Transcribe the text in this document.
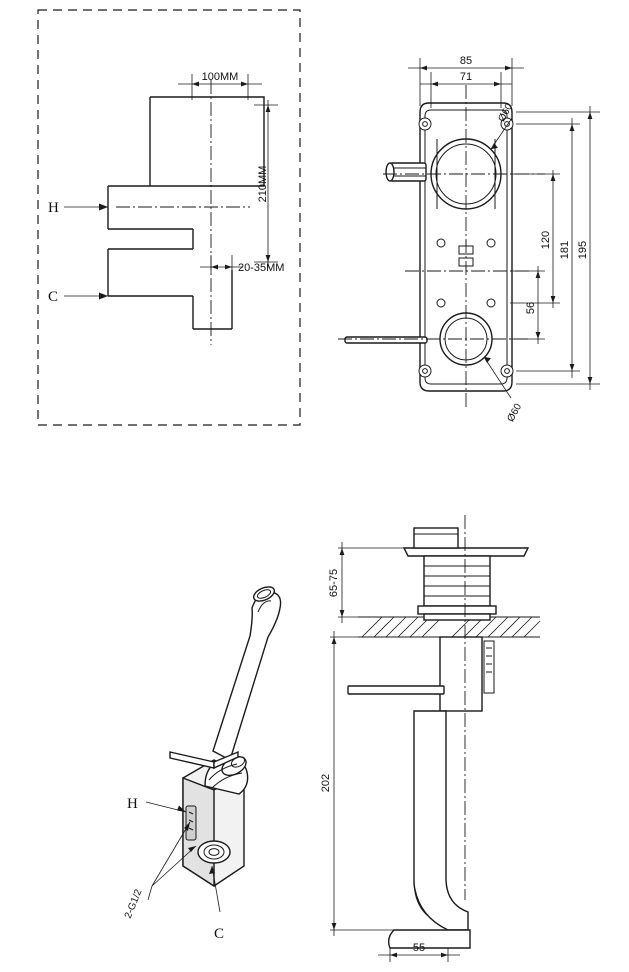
100MM
210MM
20-35MM
H
C
85
71
195
181
120
56
Ø60
Ø60
H
2-G1/2
C
65-75
202
55
